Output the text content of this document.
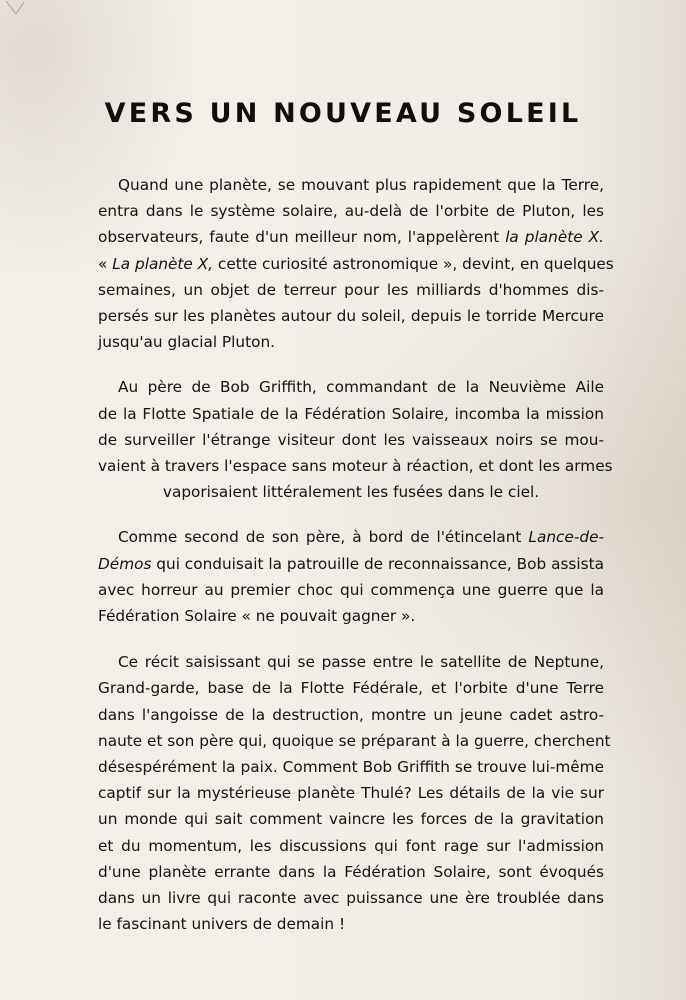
VERS UN NOUVEAU SOLEIL

Quand une planète, se mouvant plus rapidement que la Terre,
entra dans le système solaire, au-delà de l'orbite de Pluton, les
observateurs, faute d'un meilleur nom, l'appelèrent la planète X.
« La planète X, cette curiosité astronomique », devint, en quelques
semaines, un objet de terreur pour les milliards d'hommes dis-
persés sur les planètes autour du soleil, depuis le torride Mercure
jusqu'au glacial Pluton.

Au père de Bob Griffith, commandant de la Neuvième Aile
de la Flotte Spatiale de la Fédération Solaire, incomba la mission
de surveiller l'étrange visiteur dont les vaisseaux noirs se mou-
vaient à travers l'espace sans moteur à réaction, et dont les armes
vaporisaient littéralement les fusées dans le ciel.

Comme second de son père, à bord de l'étincelant Lance-de-
Démos qui conduisait la patrouille de reconnaissance, Bob assista
avec horreur au premier choc qui commença une guerre que la
Fédération Solaire « ne pouvait gagner ».

Ce récit saisissant qui se passe entre le satellite de Neptune,
Grand-garde, base de la Flotte Fédérale, et l'orbite d'une Terre
dans l'angoisse de la destruction, montre un jeune cadet astro-
naute et son père qui, quoique se préparant à la guerre, cherchent
désespérément la paix. Comment Bob Griffith se trouve lui-même
captif sur la mystérieuse planète Thulé? Les détails de la vie sur
un monde qui sait comment vaincre les forces de la gravitation
et du momentum, les discussions qui font rage sur l'admission
d'une planète errante dans la Fédération Solaire, sont évoqués
dans un livre qui raconte avec puissance une ère troublée dans
le fascinant univers de demain !
